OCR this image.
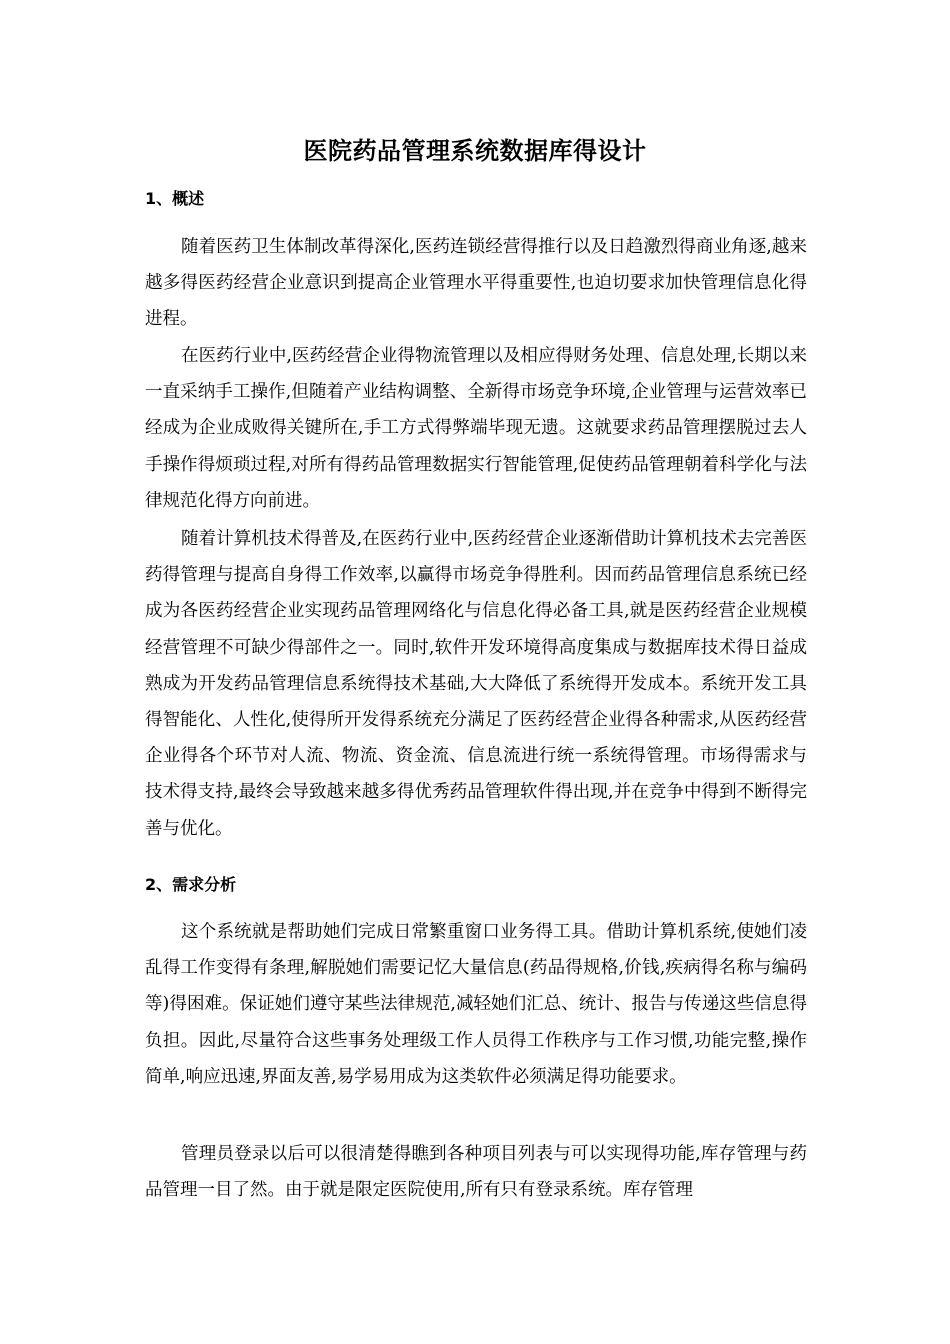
医院药品管理系统数据库得设计
1、概述

随着医药卫生体制改革得深化,医药连锁经营得推行以及日趋激烈得商业角逐,越来越多得医药经营企业意识到提高企业管理水平得重要性,也迫切要求加快管理信息化得进程。

在医药行业中,医药经营企业得物流管理以及相应得财务处理、信息处理,长期以来一直采纳手工操作,但随着产业结构调整、全新得市场竞争环境,企业管理与运营效率已经成为企业成败得关键所在,手工方式得弊端毕现无遗。这就要求药品管理摆脱过去人手操作得烦琐过程,对所有得药品管理数据实行智能管理,促使药品管理朝着科学化与法律规范化得方向前进。

随着计算机技术得普及,在医药行业中,医药经营企业逐渐借助计算机技术去完善医药得管理与提高自身得工作效率,以赢得市场竞争得胜利。因而药品管理信息系统已经成为各医药经营企业实现药品管理网络化与信息化得必备工具,就是医药经营企业规模经营管理不可缺少得部件之一。同时,软件开发环境得高度集成与数据库技术得日益成熟成为开发药品管理信息系统得技术基础,大大降低了系统得开发成本。系统开发工具得智能化、人性化,使得所开发得系统充分满足了医药经营企业得各种需求,从医药经营企业得各个环节对人流、物流、资金流、信息流进行统一系统得管理。市场得需求与技术得支持,最终会导致越来越多得优秀药品管理软件得出现,并在竞争中得到不断得完善与优化。

2、需求分析

这个系统就是帮助她们完成日常繁重窗口业务得工具。借助计算机系统,使她们凌乱得工作变得有条理,解脱她们需要记忆大量信息(药品得规格,价钱,疾病得名称与编码等)得困难。保证她们遵守某些法律规范,减轻她们汇总、统计、报告与传递这些信息得负担。因此,尽量符合这些事务处理级工作人员得工作秩序与工作习惯,功能完整,操作简单,响应迅速,界面友善,易学易用成为这类软件必须满足得功能要求。

管理员登录以后可以很清楚得瞧到各种项目列表与可以实现得功能,库存管理与药品管理一目了然。由于就是限定医院使用,所有只有登录系统。库存管理
